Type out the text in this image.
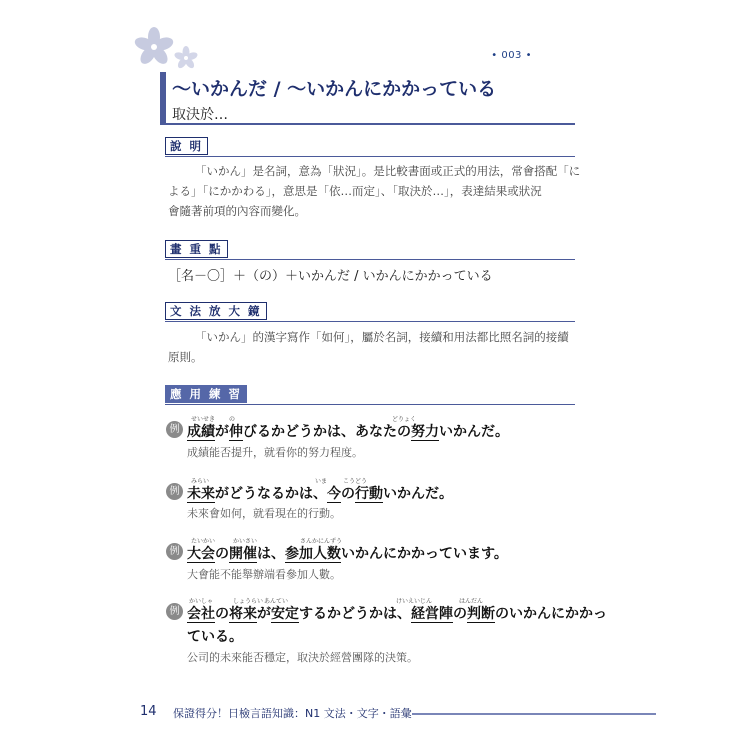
• 003 •
〜いかんだ / 〜いかんにかかっている
取決於…
說 明
「いかん」是名詞，意為「狀況」。是比較書面或正式的用法，常會搭配「に
よる」「にかかわる」，意思是「依…而定」、「取決於…」，表達結果或狀況
會隨著前項的內容而變化。
畫 重 點
［名－〇］＋（の）＋いかんだ / いかんにかかっている
文 法 放 大 鏡
「いかん」的漢字寫作「如何」，屬於名詞，接續和用法都比照名詞的接續
原則。
應 用 練 習
例
せいせき の	どりょく
成績が伸びるかどうかは、あなたの努力いかんだ。
成績能否提升，就看你的努力程度。
例
みらい	いま	こうどう
未来がどうなるかは、今の行動いかんだ。
未來會如何，就看現在的行動。
例
たいかい	かいさい	さんかにんずう
大会の開催は、参加人数いかんにかかっています。
大會能不能舉辦端看參加人數。
例
かいしゃ	しょうらい あんてい	けいえいじん	はんだん
会社の将来が安定するかどうかは、経営陣の判断のいかんにかかっ
ている。
公司的未來能否穩定，取決於經營團隊的決策。
14 保證得分！日檢言語知識：N1 文法・文字・語彙
